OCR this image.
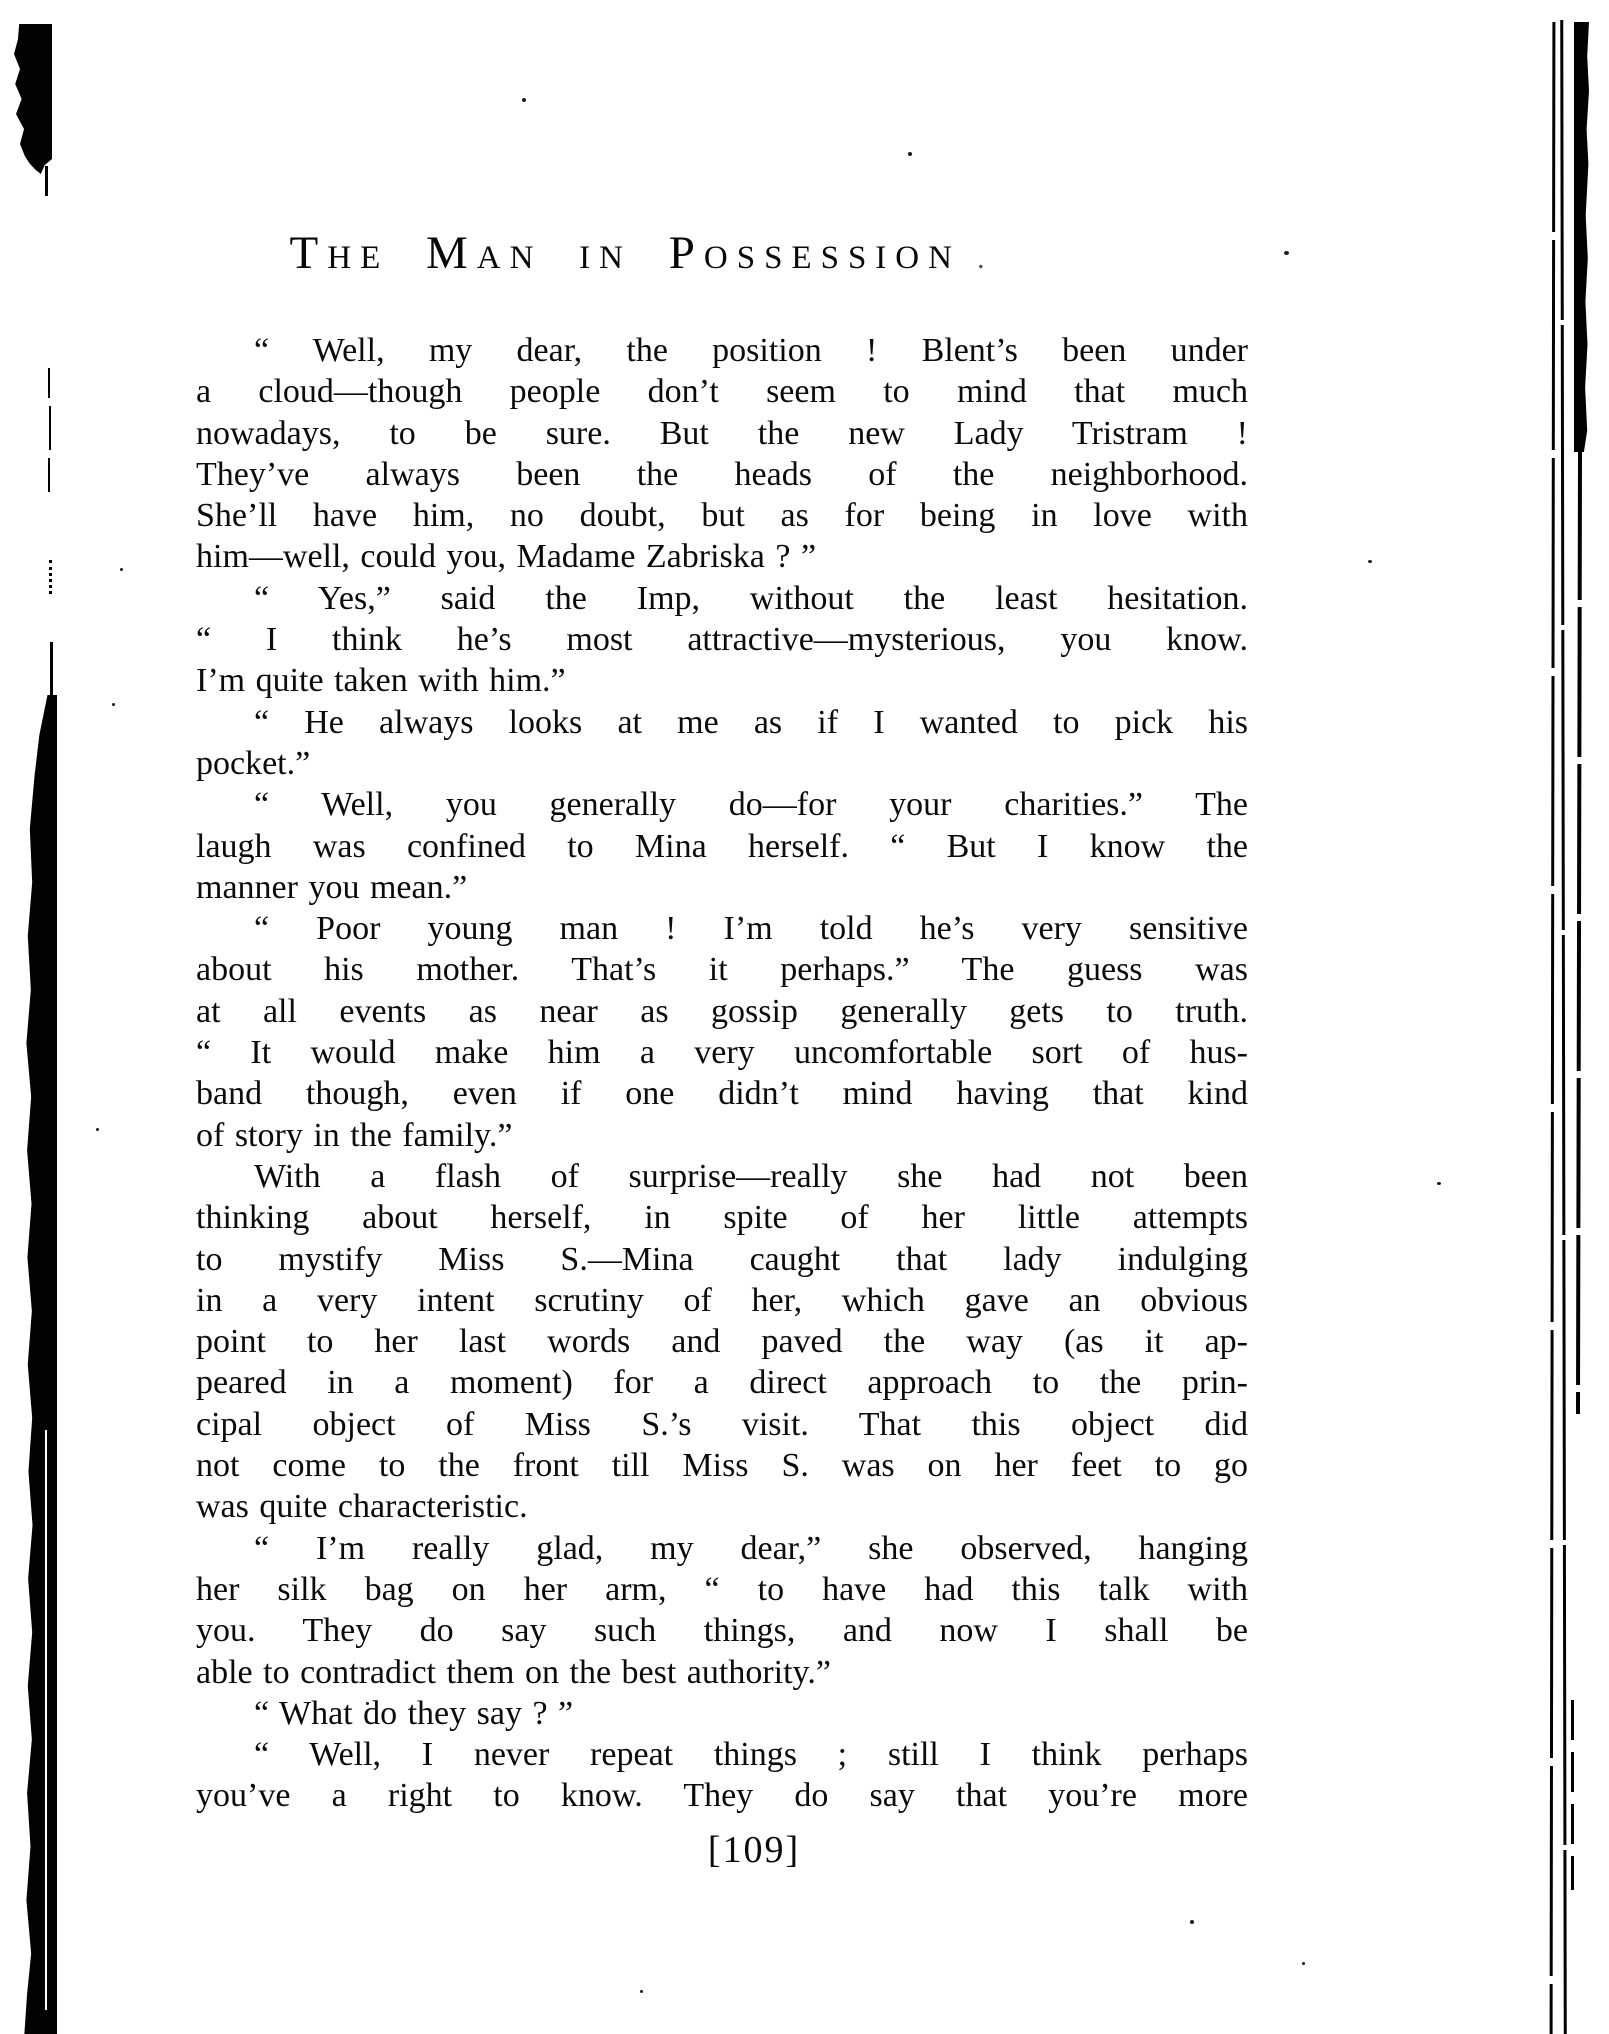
The Man in Possession .
“ Well, my dear, the position ! Blent’s been under
a cloud—though people don’t seem to mind that much
nowadays, to be sure. But the new Lady Tristram !
They’ve always been the heads of the neighborhood.
She’ll have him, no doubt, but as for being in love with
him—well, could you, Madame Zabriska ? ”
“ Yes,” said the Imp, without the least hesitation.
“ I think he’s most attractive—mysterious, you know.
I’m quite taken with him.”
“ He always looks at me as if I wanted to pick his
pocket.”
“ Well, you generally do—for your charities.” The
laugh was confined to Mina herself. “ But I know the
manner you mean.”
“ Poor young man ! I’m told he’s very sensitive
about his mother. That’s it perhaps.” The guess was
at all events as near as gossip generally gets to truth.
“ It would make him a very uncomfortable sort of hus-
band though, even if one didn’t mind having that kind
of story in the family.”
With a flash of surprise—really she had not been
thinking about herself, in spite of her little attempts
to mystify Miss S.—Mina caught that lady indulging
in a very intent scrutiny of her, which gave an obvious
point to her last words and paved the way (as it ap-
peared in a moment) for a direct approach to the prin-
cipal object of Miss S.’s visit. That this object did
not come to the front till Miss S. was on her feet to go
was quite characteristic.
“ I’m really glad, my dear,” she observed, hanging
her silk bag on her arm, “ to have had this talk with
you. They do say such things, and now I shall be
able to contradict them on the best authority.”
“ What do they say ? ”
“ Well, I never repeat things ; still I think perhaps
you’ve a right to know. They do say that you’re more
[109]
